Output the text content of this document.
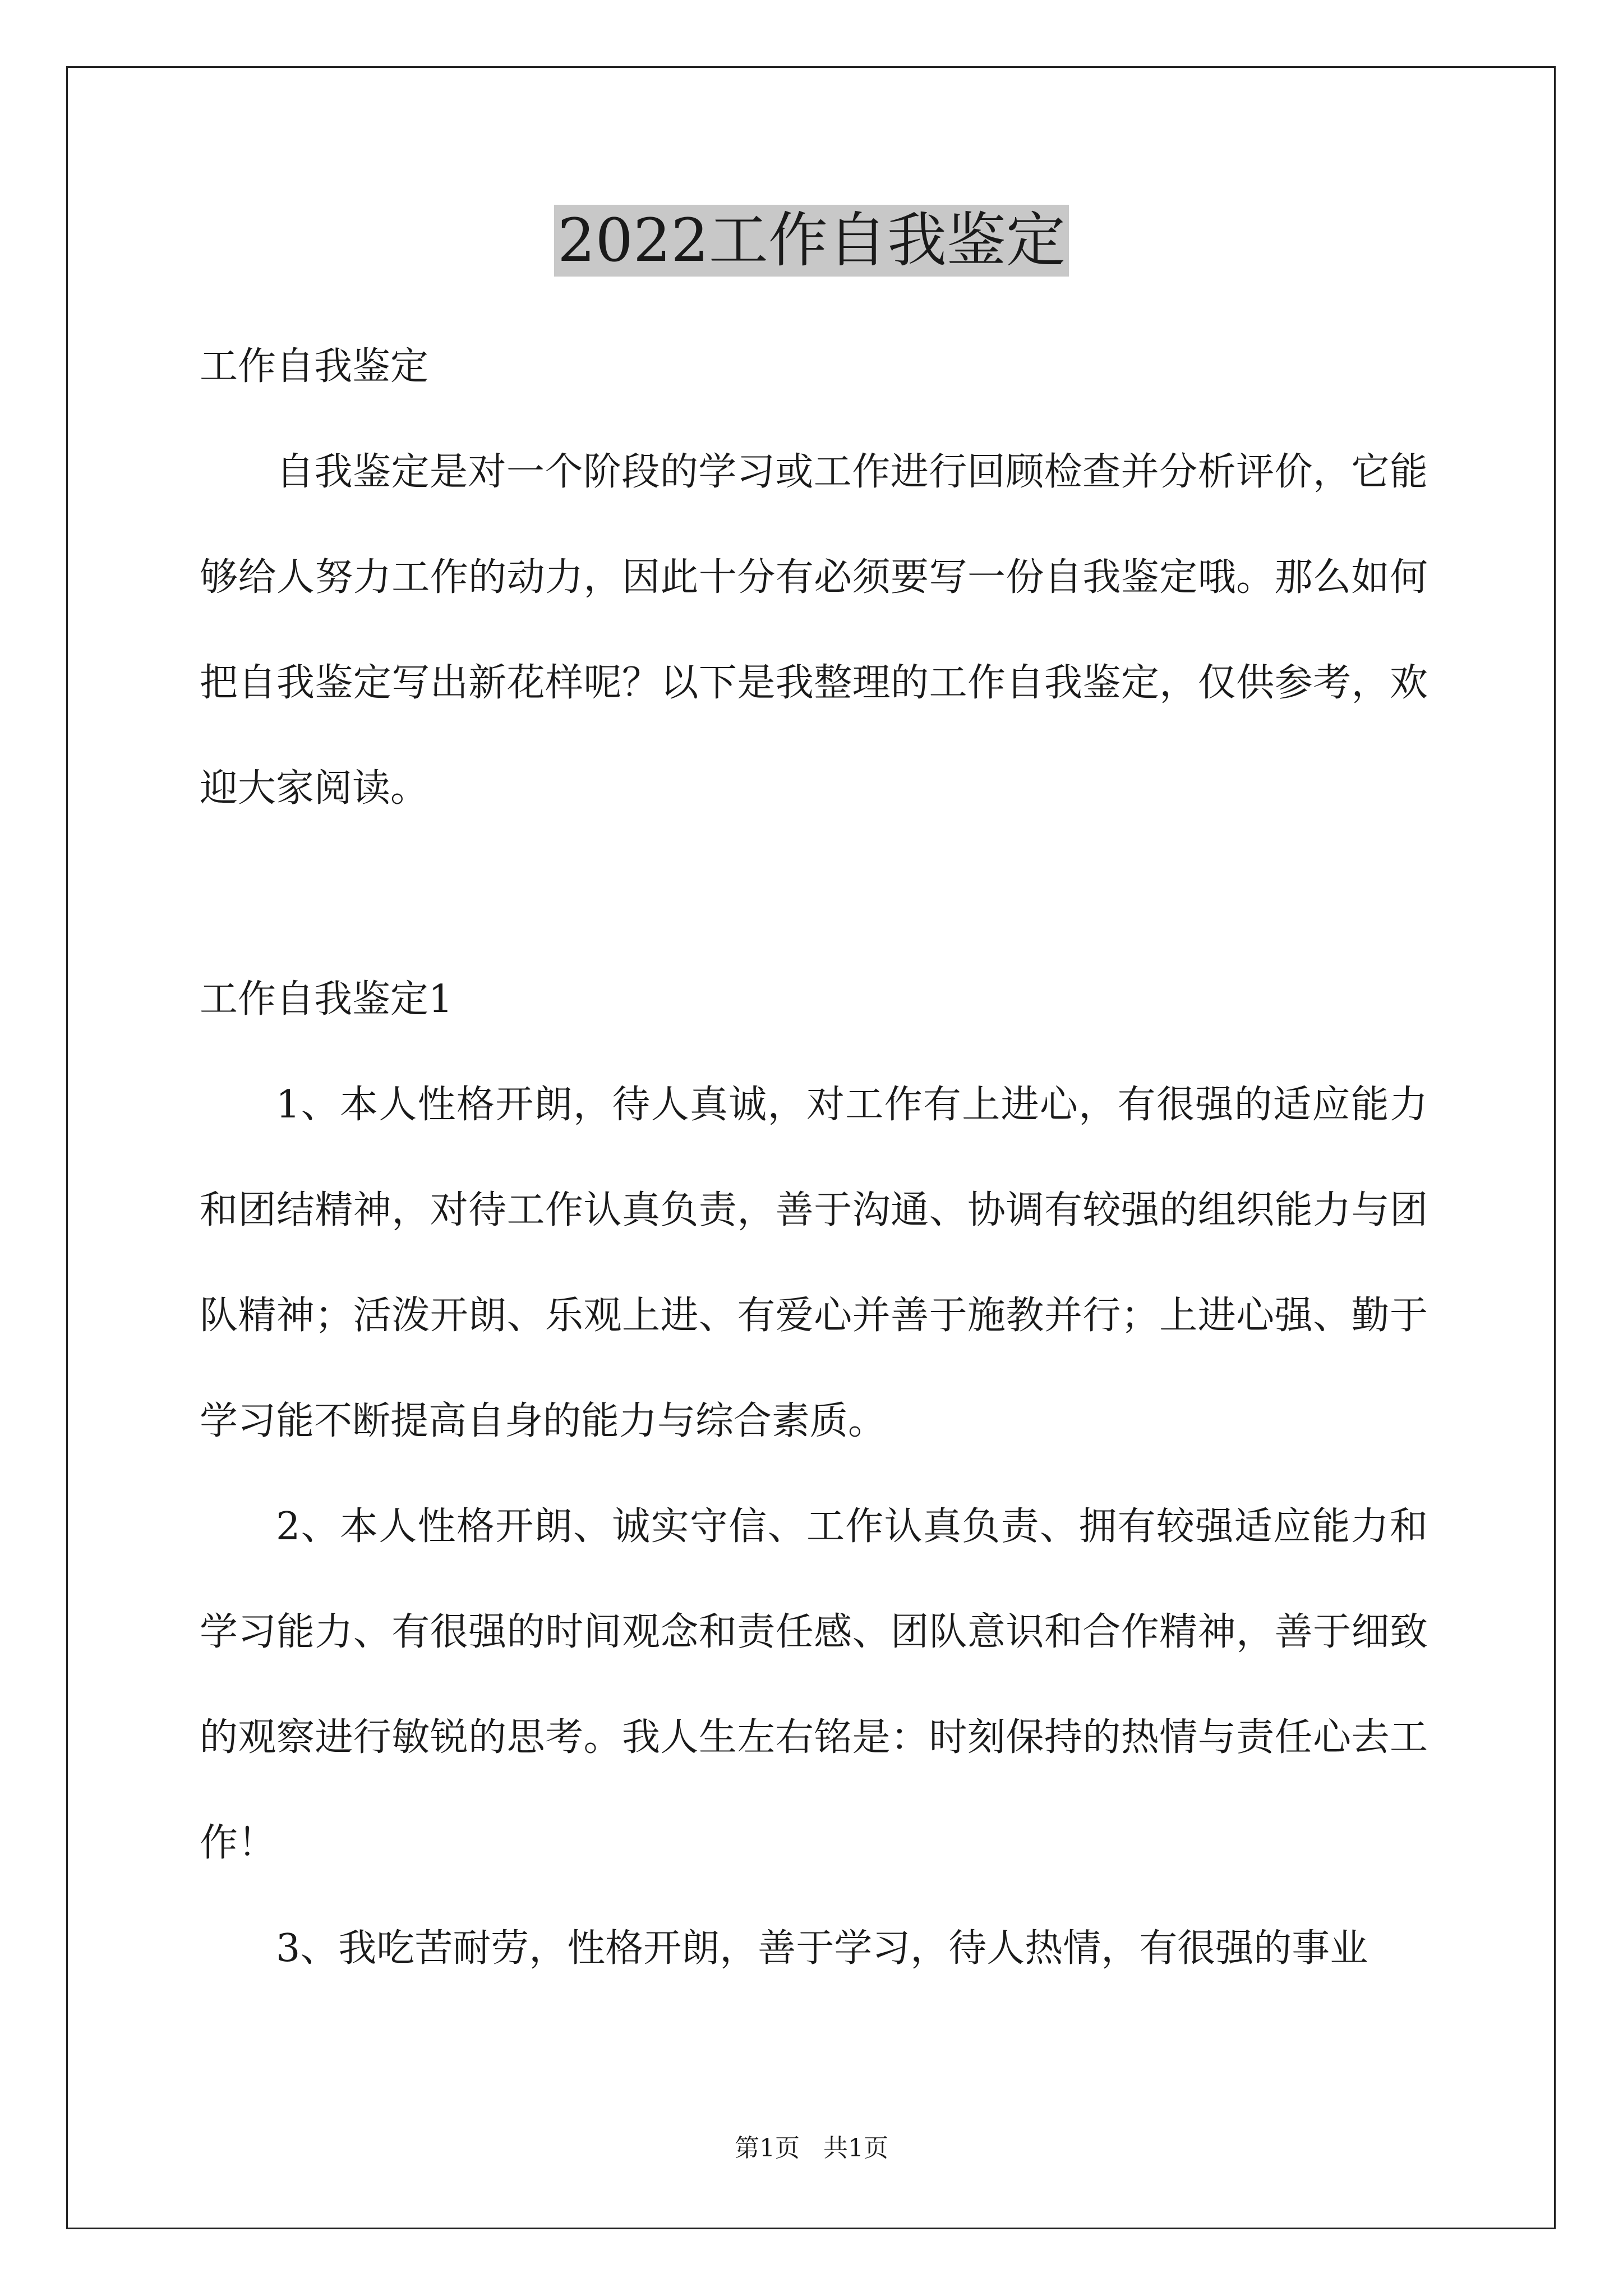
2022工作自我鉴定

工作自我鉴定

自我鉴定是对一个阶段的学习或工作进行回顾检查并分析评价，它能够给人努力工作的动力，因此十分有必须要写一份自我鉴定哦。那么如何把自我鉴定写出新花样呢？以下是我整理的工作自我鉴定，仅供参考，欢迎大家阅读。

工作自我鉴定1

1、本人性格开朗，待人真诚，对工作有上进心，有很强的适应能力和团结精神，对待工作认真负责，善于沟通、协调有较强的组织能力与团队精神；活泼开朗、乐观上进、有爱心并善于施教并行；上进心强、勤于学习能不断提高自身的能力与综合素质。

2、本人性格开朗、诚实守信、工作认真负责、拥有较强适应能力和学习能力、有很强的时间观念和责任感、团队意识和合作精神，善于细致的观察进行敏锐的思考。我人生左右铭是：时刻保持的热情与责任心去工作！

3、我吃苦耐劳，性格开朗，善于学习，待人热情，有很强的事业

第1页 共1页
